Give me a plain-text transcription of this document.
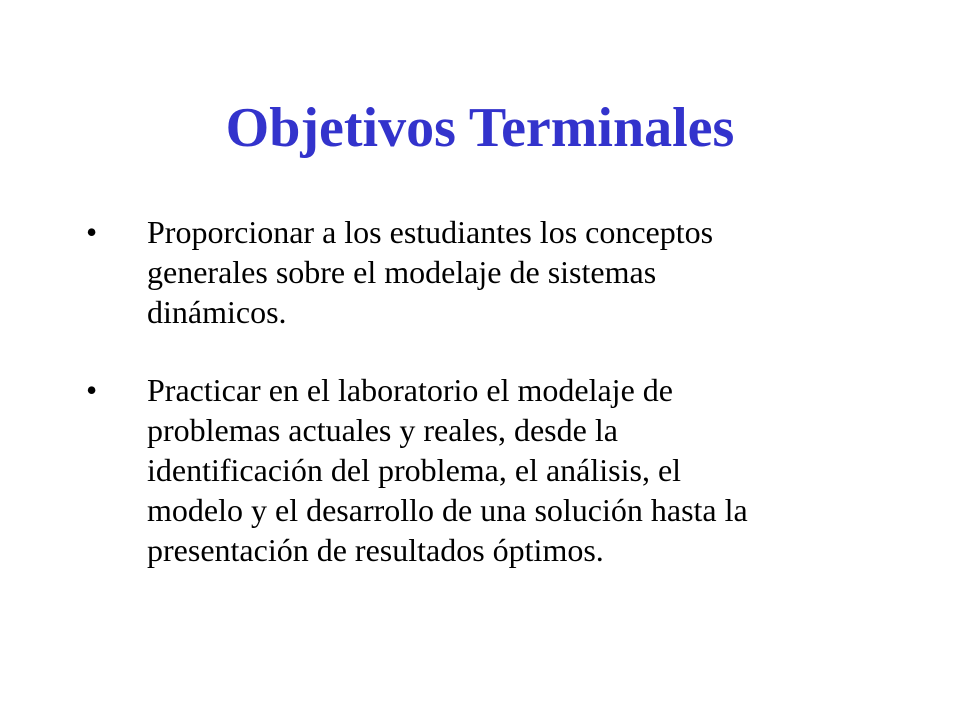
Objetivos Terminales
• Proporcionar a los estudiantes los conceptos
generales sobre el modelaje de sistemas
dinámicos.
• Practicar en el laboratorio el modelaje de
problemas actuales y reales, desde la
identificación del problema, el análisis, el
modelo y el desarrollo de una solución hasta la
presentación de resultados óptimos.
